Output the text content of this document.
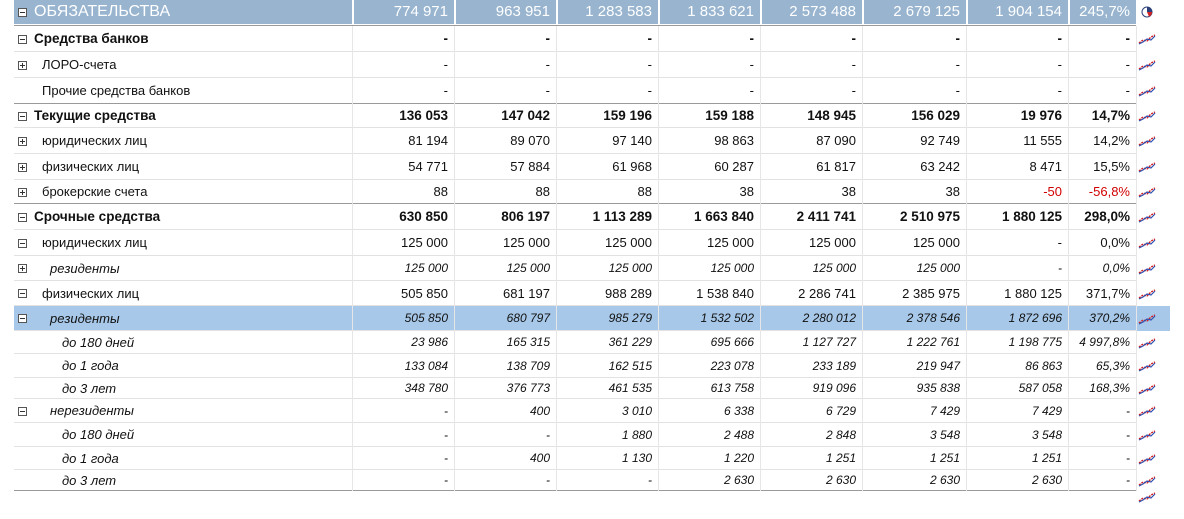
ОБЯЗАТЕЛЬСТВА	774 971	963 951	1 283 583	1 833 621	2 573 488	2 679 125	1 904 154	245,7%
Средства банков	-	-	-	-	-	-	-	-
ЛОРО-счета	-	-	-	-	-	-	-	-
Прочие средства банков	-	-	-	-	-	-	-	-
Текущие средства	136 053	147 042	159 196	159 188	148 945	156 029	19 976	14,7%
юридических лиц	81 194	89 070	97 140	98 863	87 090	92 749	11 555	14,2%
физических лиц	54 771	57 884	61 968	60 287	61 817	63 242	8 471	15,5%
брокерские счета	88	88	88	38	38	38	-50	-56,8%
Срочные средства	630 850	806 197	1 113 289	1 663 840	2 411 741	2 510 975	1 880 125	298,0%
юридических лиц	125 000	125 000	125 000	125 000	125 000	125 000	-	0,0%
резиденты	125 000	125 000	125 000	125 000	125 000	125 000	-	0,0%
физических лиц	505 850	681 197	988 289	1 538 840	2 286 741	2 385 975	1 880 125	371,7%
резиденты	505 850	680 797	985 279	1 532 502	2 280 012	2 378 546	1 872 696	370,2%
до 180 дней	23 986	165 315	361 229	695 666	1 127 727	1 222 761	1 198 775	4 997,8%
до 1 года	133 084	138 709	162 515	223 078	233 189	219 947	86 863	65,3%
до 3 лет	348 780	376 773	461 535	613 758	919 096	935 838	587 058	168,3%
нерезиденты	-	400	3 010	6 338	6 729	7 429	7 429	-
до 180 дней	-	-	1 880	2 488	2 848	3 548	3 548	-
до 1 года	-	400	1 130	1 220	1 251	1 251	1 251	-
до 3 лет	-	-	-	2 630	2 630	2 630	2 630	-
